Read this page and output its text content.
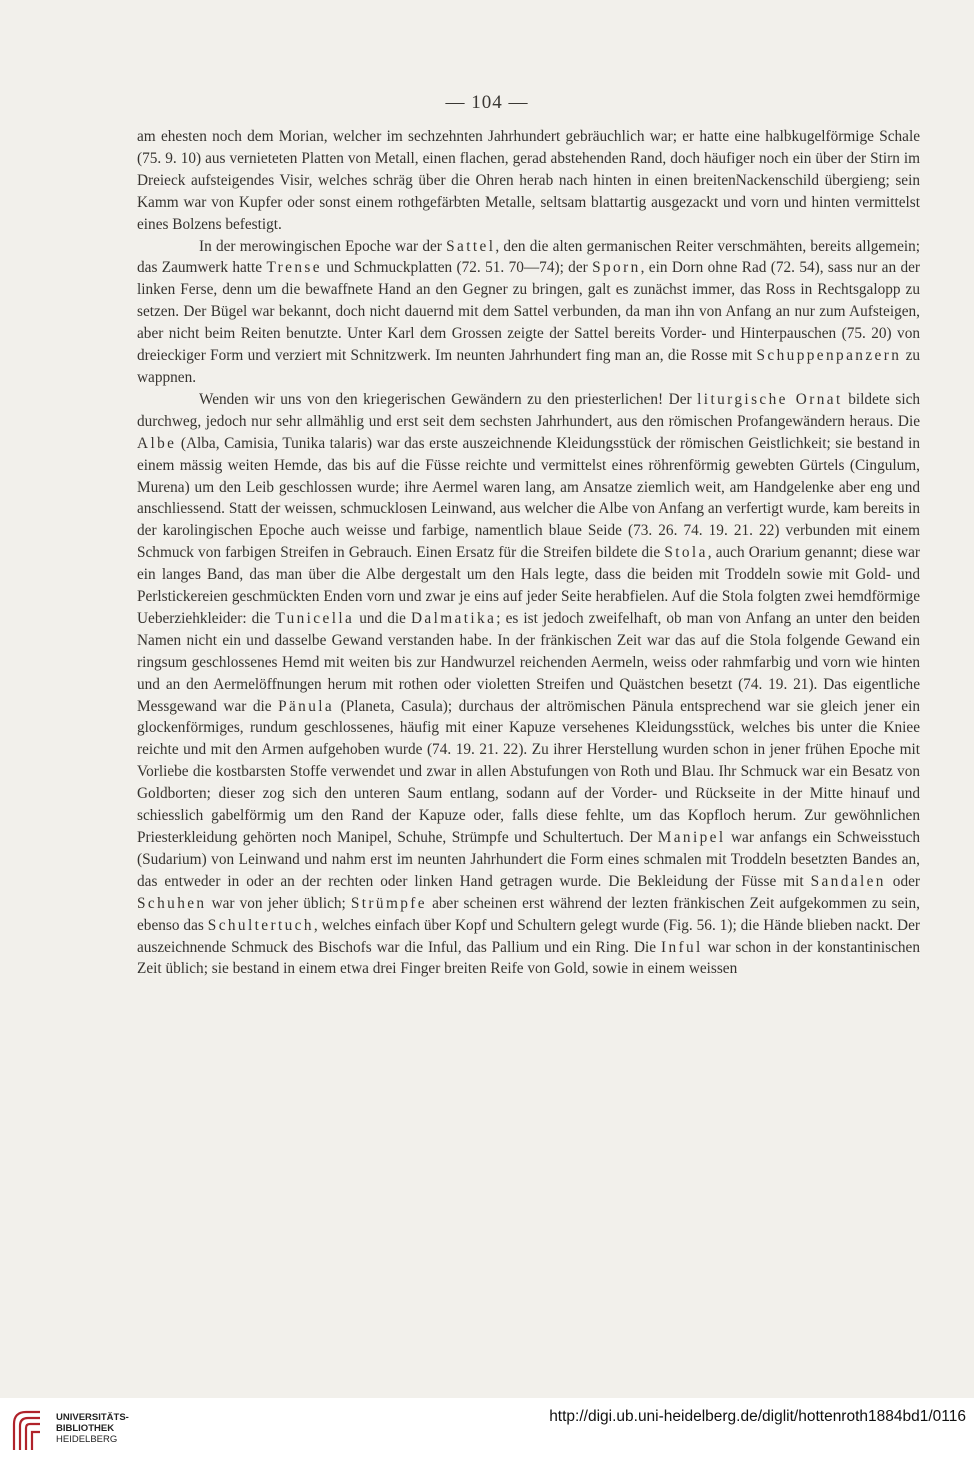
— 104 —

am ehesten noch dem Morian, welcher im sechzehnten Jahrhundert gebräuchlich war; er hatte eine halbkugelförmige Schale (75. 9. 10) aus vernieteten Platten von Metall, einen flachen, gerad abstehenden Rand, doch häufiger noch ein über der Stirn im Dreieck aufsteigendes Visir, welches schräg über die Ohren herab nach hinten in einen breitenNackenschild übergieng; sein Kamm war von Kupfer oder sonst einem rothgefärbten Metalle, seltsam blattartig ausgezackt und vorn und hinten vermittelst eines Bolzens befestigt.

In der merowingischen Epoche war der Sattel, den die alten germanischen Reiter verschmähten, bereits allgemein; das Zaumwerk hatte Trense und Schmuckplatten (72. 51. 70—74); der Sporn, ein Dorn ohne Rad (72. 54), sass nur an der linken Ferse, denn um die bewaffnete Hand an den Gegner zu bringen, galt es zunächst immer, das Ross in Rechtsgalopp zu setzen. Der Bügel war bekannt, doch nicht dauernd mit dem Sattel verbunden, da man ihn von Anfang an nur zum Aufsteigen, aber nicht beim Reiten benutzte. Unter Karl dem Grossen zeigte der Sattel bereits Vorder- und Hinterpauschen (75. 20) von dreieckiger Form und verziert mit Schnitzwerk. Im neunten Jahrhundert fing man an, die Rosse mit Schuppenpanzern zu wappnen.

Wenden wir uns von den kriegerischen Gewändern zu den priesterlichen! Der liturgische Ornat bildete sich durchweg, jedoch nur sehr allmählig und erst seit dem sechsten Jahrhundert, aus den römischen Profangewändern heraus. Die Albe (Alba, Camisia, Tunika talaris) war das erste auszeichnende Kleidungsstück der römischen Geistlichkeit; sie bestand in einem mässig weiten Hemde, das bis auf die Füsse reichte und vermittelst eines röhrenförmig gewebten Gürtels (Cingulum, Murena) um den Leib geschlossen wurde; ihre Aermel waren lang, am Ansatze ziemlich weit, am Handgelenke aber eng und anschliessend. Statt der weissen, schmucklosen Leinwand, aus welcher die Albe von Anfang an verfertigt wurde, kam bereits in der karolingischen Epoche auch weisse und farbige, namentlich blaue Seide (73. 26. 74. 19. 21. 22) verbunden mit einem Schmuck von farbigen Streifen in Gebrauch. Einen Ersatz für die Streifen bildete die Stola, auch Orarium genannt; diese war ein langes Band, das man über die Albe dergestalt um den Hals legte, dass die beiden mit Troddeln sowie mit Gold- und Perlstickereien geschmückten Enden vorn und zwar je eins auf jeder Seite herabfielen. Auf die Stola folgten zwei hemdförmige Ueberziehkleider: die Tunicella und die Dalmatika; es ist jedoch zweifelhaft, ob man von Anfang an unter den beiden Namen nicht ein und dasselbe Gewand verstanden habe. In der fränkischen Zeit war das auf die Stola folgende Gewand ein ringsum geschlossenes Hemd mit weiten bis zur Handwurzel reichenden Aermeln, weiss oder rahmfarbig und vorn wie hinten und an den Aermelöffnungen herum mit rothen oder violetten Streifen und Quästchen besetzt (74. 19. 21). Das eigentliche Messgewand war die Pänula (Planeta, Casula); durchaus der altrömischen Pänula entsprechend war sie gleich jener ein glockenförmiges, rundum geschlossenes, häufig mit einer Kapuze versehenes Kleidungsstück, welches bis unter die Kniee reichte und mit den Armen aufgehoben wurde (74. 19. 21. 22). Zu ihrer Herstellung wurden schon in jener frühen Epoche mit Vorliebe die kostbarsten Stoffe verwendet und zwar in allen Abstufungen von Roth und Blau. Ihr Schmuck war ein Besatz von Goldborten; dieser zog sich den unteren Saum entlang, sodann auf der Vorder- und Rückseite in der Mitte hinauf und schiesslich gabelförmig um den Rand der Kapuze oder, falls diese fehlte, um das Kopfloch herum. Zur gewöhnlichen Priesterkleidung gehörten noch Manipel, Schuhe, Strümpfe und Schultertuch. Der Manipel war anfangs ein Schweisstuch (Sudarium) von Leinwand und nahm erst im neunten Jahrhundert die Form eines schmalen mit Troddeln besetzten Bandes an, das entweder in oder an der rechten oder linken Hand getragen wurde. Die Bekleidung der Füsse mit Sandalen oder Schuhen war von jeher üblich; Strümpfe aber scheinen erst während der lezten fränkischen Zeit aufgekommen zu sein, ebenso das Schultertuch, welches einfach über Kopf und Schultern gelegt wurde (Fig. 56. 1); die Hände blieben nackt. Der auszeichnende Schmuck des Bischofs war die Inful, das Pallium und ein Ring. Die Inful war schon in der konstantinischen Zeit üblich; sie bestand in einem etwa drei Finger breiten Reife von Gold, sowie in einem weissen

UNIVERSITÄTS-
BIBLIOTHEK
HEIDELBERG
http://digi.ub.uni-heidelberg.de/diglit/hottenroth1884bd1/0116
